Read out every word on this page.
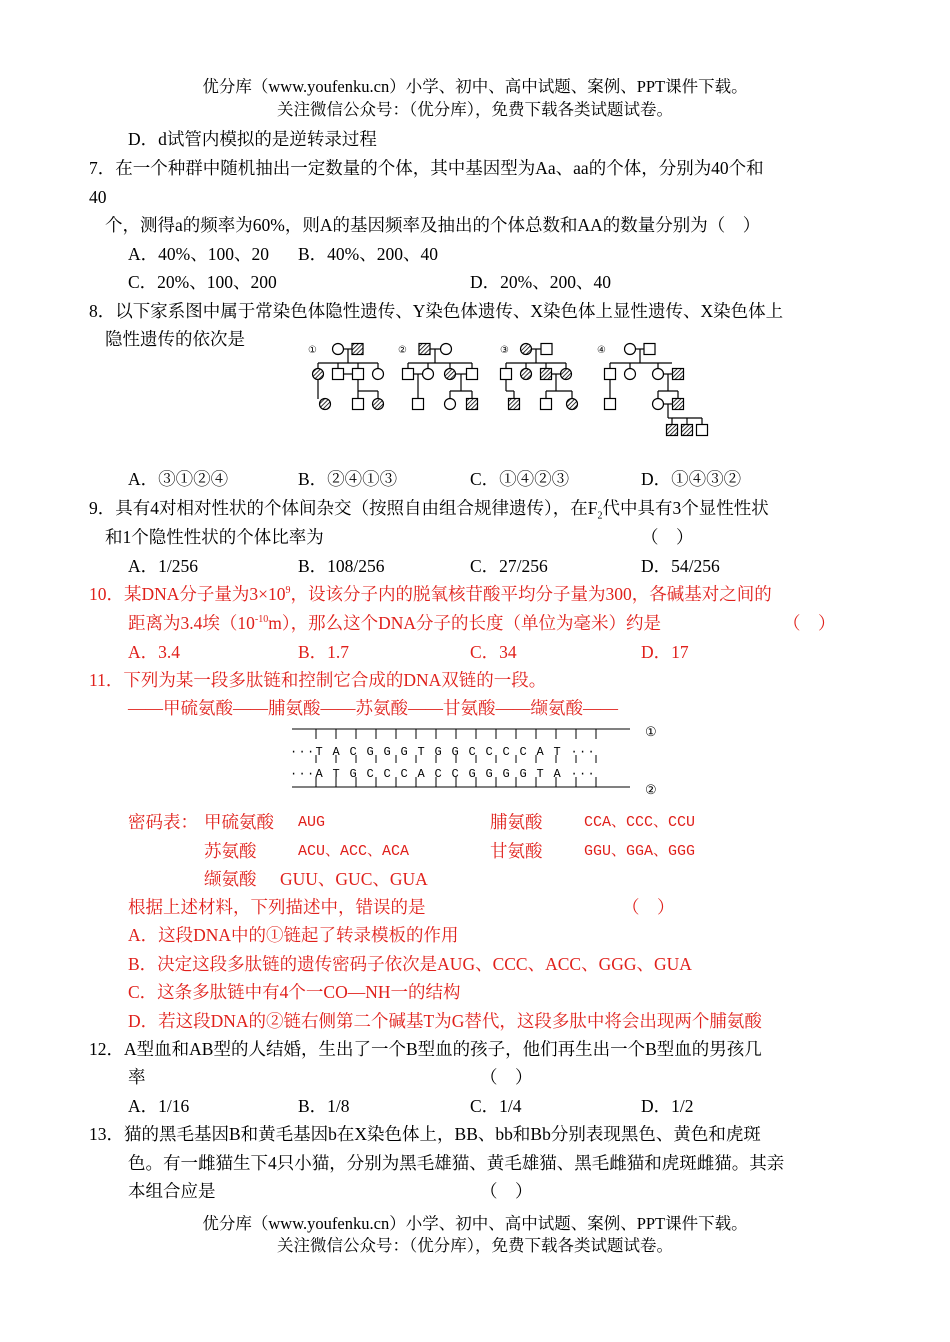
优分库（www.youfenku.cn）小学、初中、高中试题、案例、PPT课件下载。
关注微信公众号：（优分库），免费下载各类试题试卷。
D．d试管内模拟的是逆转录过程
7．在一个种群中随机抽出一定数量的个体，其中基因型为Aa、aa的个体，分别为40个和
40
个，测得a的频率为60%，则A的基因频率及抽出的个体总数和AA的数量分别为（　）
A．40%、100、20 B．40%、200、40
C．20%、100、200	D．20%、200、40
8．以下家系图中属于常染色体隐性遗传、Y染色体遗传、X染色体上显性遗传、X染色体上
隐性遗传的依次是
①	②	③	④
A．③①②④	B．②④①③	C．①④②③	D．①④③②
9．具有4对相对性状的个体间杂交（按照自由组合规律遗传），在$F_2$代中具有3个显性性状
和1个隐性性状的个体比率为	（　）
A．1/256	B．108/256	C．27/256	D．54/256
10．某DNA分子量为$3\times 10^9$，设该分子内的脱氧核苷酸平均分子量为300，各碱基对之间的
距离为3.4埃$(10^{-10}m)$，那么这个DNA分子的长度（单位为毫米）约是	（　）
A．3.4	B．1.7	C．34	D．17
11．下列为某一段多肽链和控制它合成的DNA双链的一段。
——甲硫氨酸——脯氨酸——苏氨酸——甘氨酸——缬氨酸——
···T A C G G G T G G C C C C A T ···
···A T G C C C A C C G G G G T A ···
①
②
密码表： 甲硫氨酸 AUG	脯氨酸	CCA、CCC、CCU
苏氨酸	ACU、ACC、ACA	甘氨酸	GGU、GGA、GGG
缬氨酸 GUU、GUC、GUA
根据上述材料，下列描述中，错误的是	（　）
A．这段DNA中的①链起了转录模板的作用
B．决定这段多肽链的遗传密码子依次是AUG、CCC、ACC、GGG、GUA
C．这条多肽链中有4个一CO—NH一的结构
D．若这段DNA的②链右侧第二个碱基T为G替代，这段多肽中将会出现两个脯氨酸
12．A型血和AB型的人结婚，生出了一个B型血的孩子，他们再生出一个B型血的男孩几
率	（　）
A．1/16	B．1/8	C．1/4	D．1/2
13．猫的黑毛基因B和黄毛基因b在X染色体上，BB、bb和Bb分别表现黑色、黄色和虎斑
色。有一雌猫生下4只小猫，分别为黑毛雄猫、黄毛雄猫、黑毛雌猫和虎斑雌猫。其亲
本组合应是	（　）
优分库（www.youfenku.cn）小学、初中、高中试题、案例、PPT课件下载。
关注微信公众号：（优分库），免费下载各类试题试卷。
